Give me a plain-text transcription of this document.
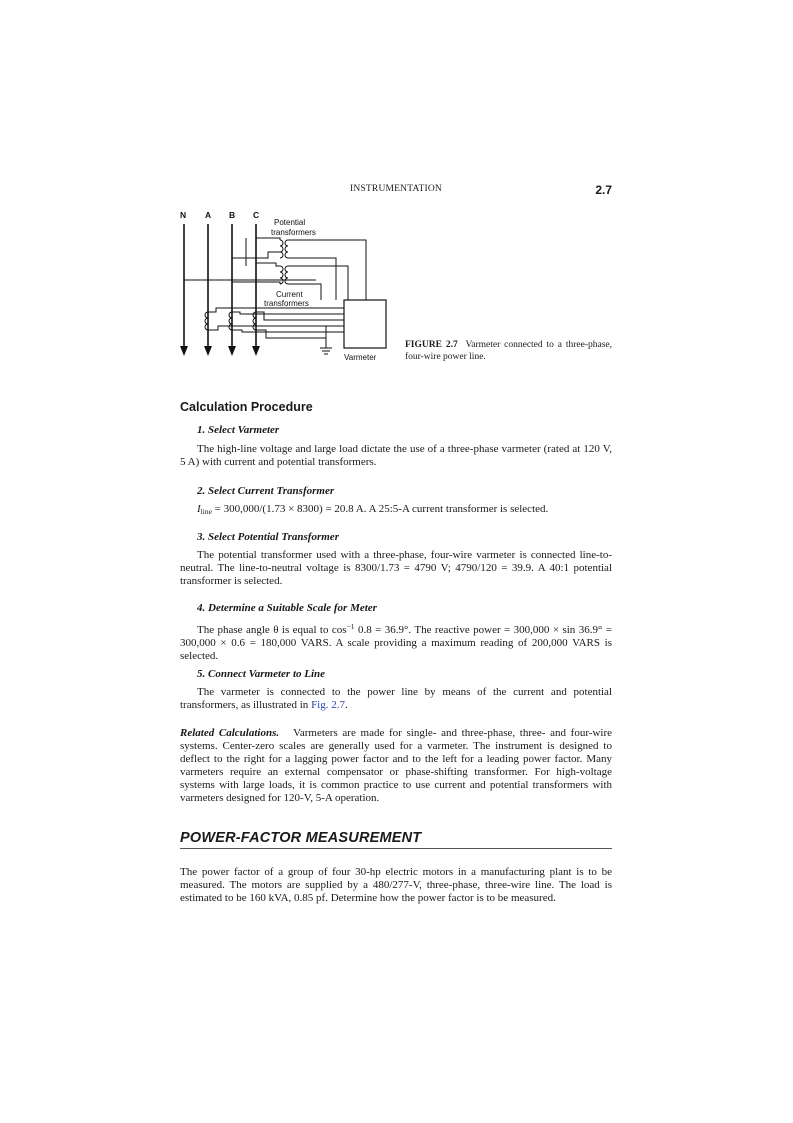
INSTRUMENTATION	2.7
N A B C
Potential
transformers
Current
transformers
Varmeter
FIGURE 2.7 Varmeter connected to a three-phase, four-wire power line.
Calculation Procedure
1. Select Varmeter
The high-line voltage and large load dictate the use of a three-phase varmeter (rated at 120 V, 5 A) with current and potential transformers.
2. Select Current Transformer
$I_{line} = 300,000/(1.73 \times 8300) = 20.8$ A. A 25:5-A current transformer is selected.
3. Select Potential Transformer
The potential transformer used with a three-phase, four-wire varmeter is connected line-to-neutral. The line-to-neutral voltage is 8300/1.73 = 4790 V; 4790/120 = 39.9. A 40:1 potential transformer is selected.
4. Determine a Suitable Scale for Meter
The phase angle θ is equal to $\cos^{-1} 0.8 = 36.9^\circ$. The reactive power = 300,000 × sin 36.9° = 300,000 × 0.6 = 180,000 VARS. A scale providing a maximum reading of 200,000 VARS is selected.
5. Connect Varmeter to Line
The varmeter is connected to the power line by means of the current and potential transformers, as illustrated in Fig. 2.7.
Related Calculations. Varmeters are made for single- and three-phase, three- and four-wire systems. Center-zero scales are generally used for a varmeter. The instrument is designed to deflect to the right for a lagging power factor and to the left for a leading power factor. Many varmeters require an external compensator or phase-shifting transformer. For high-voltage systems with large loads, it is common practice to use current and potential transformers with varmeters designed for 120-V, 5-A operation.
POWER-FACTOR MEASUREMENT
The power factor of a group of four 30-hp electric motors in a manufacturing plant is to be measured. The motors are supplied by a 480/277-V, three-phase, three-wire line. The load is estimated to be 160 kVA, 0.85 pf. Determine how the power factor is to be measured.
